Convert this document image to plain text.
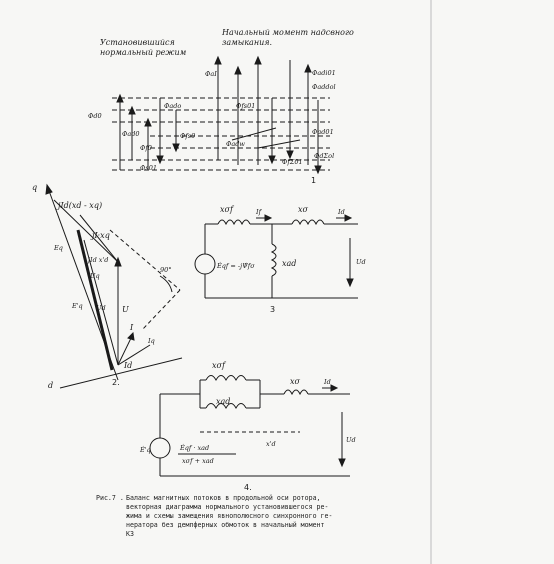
Установившийся
нормальный режим
Начальный момент надсвного
замыкания.
Фadi01
Фaddol
ФaI
Фd0
Фado	Фfs01
Фad0	Фfs0	Фad01
Фadw
Фf0
ФdΣol
ФfΣ01
Фs01
1
q
jId(xd - xq)
jI·xq
Eq
jId x'd
Uq
E'q Ud U
I
Iq
Id
d
90°
2.
xσf	If	xσ	Id
Ėqf = -jΨ̇fσ	xad	Ud
3
xσf
xad
xσ	Id
Ė'q	Ėqf · xad
xσf + xad
x'd	Ud
4.
Рис.7 . Баланс магнитных потоков в продольной оси ротора,
векторная диаграмма нормального установившегося ре-
жима и схемы замещения явнополюсного синхронного ге-
нератора без демпферных обмоток в начальный момент
КЗ
